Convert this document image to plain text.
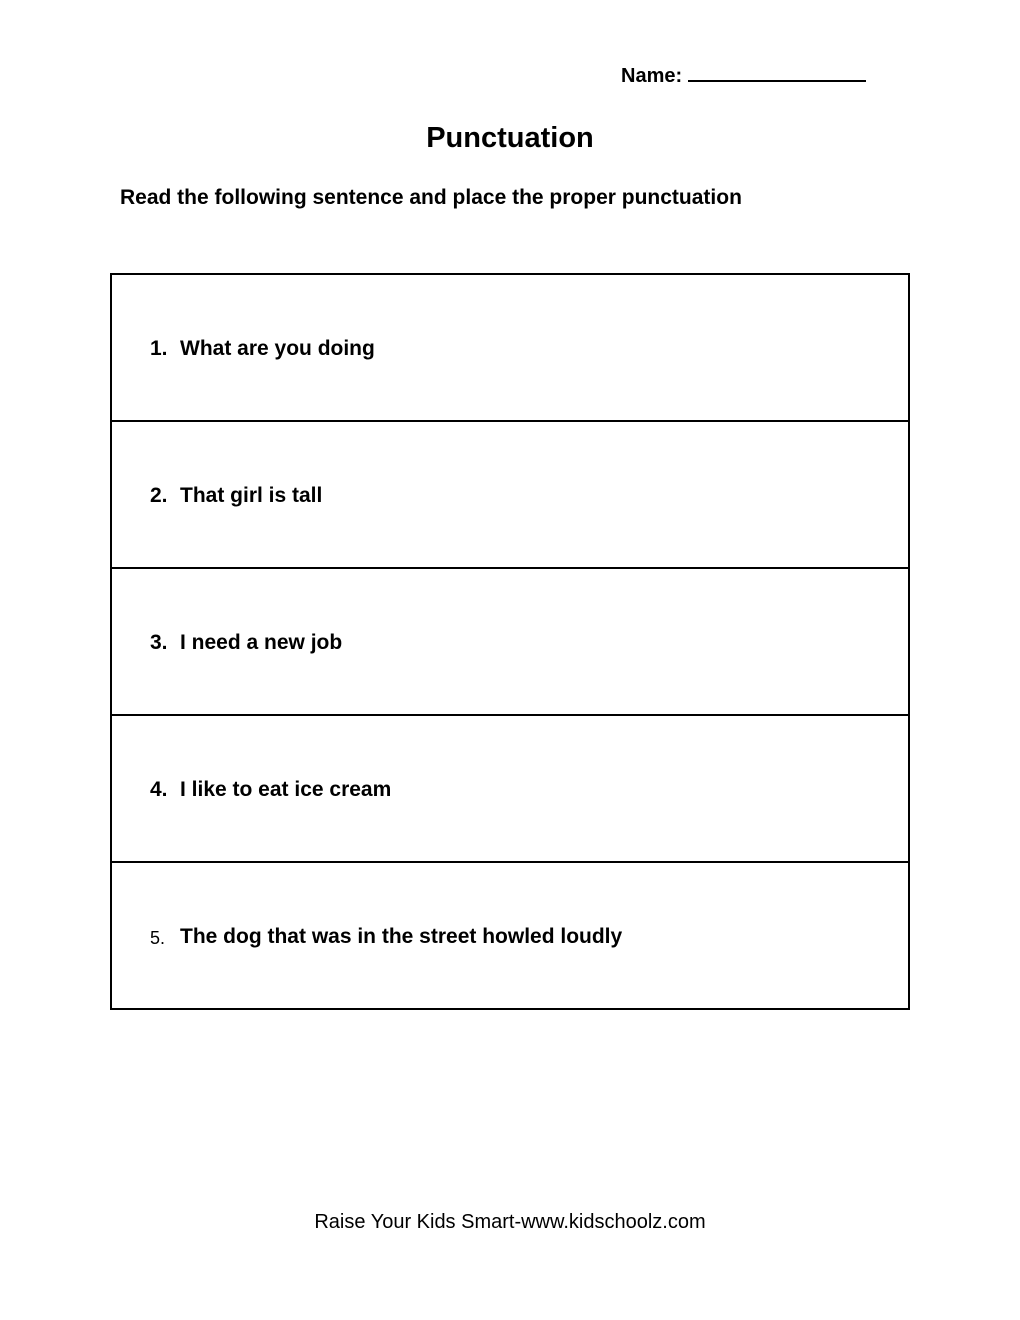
Name:
Punctuation
Read the following sentence and place the proper punctuation
1. What are you doing
2. That girl is tall
3. I need a new job
4. I like to eat ice cream
5. The dog that was in the street howled loudly
Raise Your Kids Smart-www.kidschoolz.com
